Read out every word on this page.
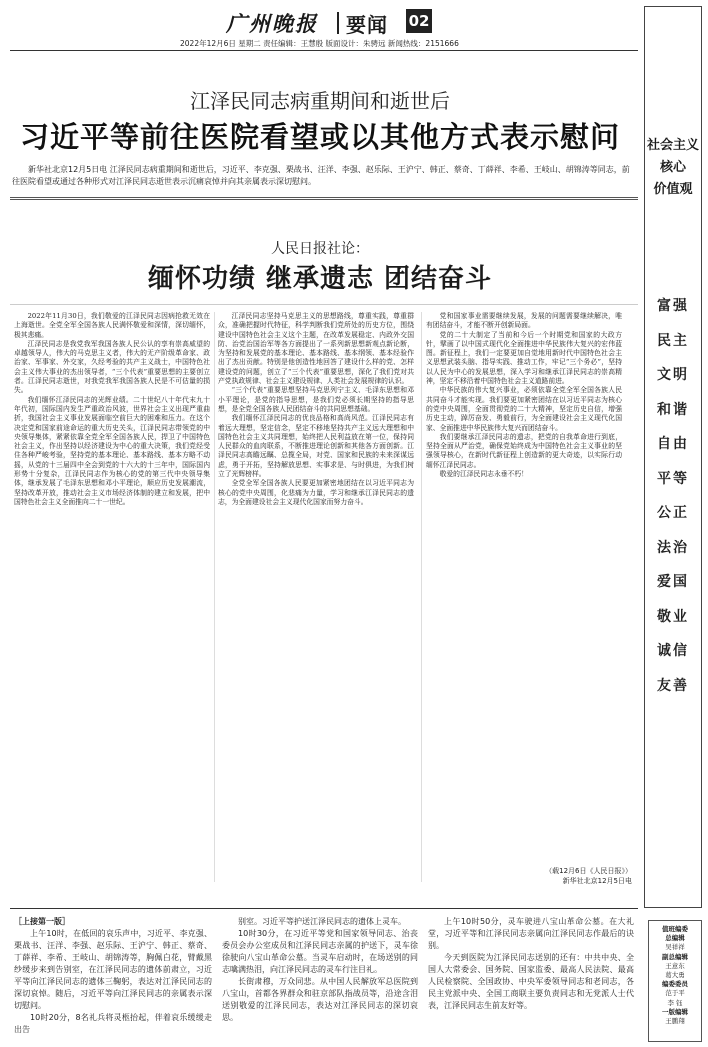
广州晚报 要闻 02
2022年12月6日 星期二 责任编辑：王慧殷 版面设计：朱骋远 新闻热线：2151666
社会主义
核心
价值观
富强
民主
文明
和谐
自由
平等
公正
法治
爱国
敬业
诚信
友善
江泽民同志病重期间和逝世后
习近平等前往医院看望或以其他方式表示慰问
新华社北京12月5日电 江泽民同志病重期间和逝世后，习近平、李克强、栗战书、汪洋、李强、赵乐际、王沪宁、韩正、蔡奇、丁薛祥、李希、王岐山、胡锦涛等同志，前往医院看望或通过各种形式对江泽民同志逝世表示沉痛哀悼并向其亲属表示深切慰问。
人民日报社论：
缅怀功绩 继承遗志 团结奋斗

2022年11月30日，我们敬爱的江泽民同志因病抢救无效在上海逝世。全党全军全国各族人民满怀敬爱和深情，深切缅怀，极其悲痛。

江泽民同志是我党我军我国各族人民公认的享有崇高威望的卓越领导人，伟大的马克思主义者，伟大的无产阶级革命家、政治家、军事家、外交家，久经考验的共产主义战士，中国特色社会主义伟大事业的杰出领导者，“三个代表”重要思想的主要创立者。江泽民同志逝世，对我党我军我国各族人民是不可估量的损失。

我们缅怀江泽民同志的光辉业绩。二十世纪八十年代末九十年代初，国际国内发生严重政治风波，世界社会主义出现严重曲折，我国社会主义事业发展面临空前巨大的困难和压力。在这个决定党和国家前途命运的重大历史关头，江泽民同志带领党的中央领导集体，紧紧依靠全党全军全国各族人民，捍卫了中国特色社会主义，作出坚持以经济建设为中心的重大决策，我们党经受住各种严峻考验，坚持党的基本理论、基本路线、基本方略不动摇，从党的十三届四中全会到党的十六大的十三年中，国际国内形势十分复杂，江泽民同志作为核心的党的第三代中央领导集体，继承发展了毛泽东思想和邓小平理论，顺应历史发展潮流，坚持改革开放，推动社会主义市场经济体制的建立和发展，把中国特色社会主义全面推向二十一世纪。

江泽民同志坚持马克思主义的思想路线，尊重实践，尊重群众，准确把握时代特征，科学判断我们党所处的历史方位，围绕建设中国特色社会主义这个主题，在改革发展稳定、内政外交国防、治党治国治军等各方面提出了一系列新思想新观点新论断，为坚持和发展党的基本理论、基本路线、基本纲领、基本经验作出了杰出贡献。特别是他创造性地回答了建设什么样的党、怎样建设党的问题，创立了“三个代表”重要思想，深化了我们党对共产党执政规律、社会主义建设规律、人类社会发展规律的认识。

“三个代表”重要思想坚持马克思列宁主义、毛泽东思想和邓小平理论，是党的指导思想，是我们党必须长期坚持的指导思想，是全党全国各族人民团结奋斗的共同思想基础。

我们缅怀江泽民同志的优良品格和高尚风范。江泽民同志有着远大理想，坚定信念，坚定不移地坚持共产主义远大理想和中国特色社会主义共同理想，始终把人民利益放在第一位，保持同人民群众的血肉联系，不断推进理论创新和其他各方面创新。江泽民同志高瞻远瞩、总揽全局，对党、国家和民族的未来深谋远虑，勇于开拓，坚持解放思想、实事求是、与时俱进，为我们树立了光辉榜样。

全党全军全国各族人民要更加紧密地团结在以习近平同志为核心的党中央周围，化悲痛为力量，学习和继承江泽民同志的遗志，为全面建设社会主义现代化国家而努力奋斗。

党和国家事业需要继续发展，发展的问题需要继续解决，唯有团结奋斗，才能不断开创新局面。

党的二十大制定了当前和今后一个时期党和国家的大政方针，擘画了以中国式现代化全面推进中华民族伟大复兴的宏伟蓝图。新征程上，我们一定要更加自觉地用新时代中国特色社会主义思想武装头脑、指导实践、推动工作，牢记“三个务必”，坚持以人民为中心的发展思想，深入学习和继承江泽民同志的崇高精神，坚定不移沿着中国特色社会主义道路前进。

中华民族的伟大复兴事业，必须依靠全党全军全国各族人民共同奋斗才能实现。我们要更加紧密团结在以习近平同志为核心的党中央周围，全面贯彻党的二十大精神，坚定历史自信，增强历史主动，踔厉奋发、勇毅前行，为全面建设社会主义现代化国家、全面推进中华民族伟大复兴而团结奋斗。

我们要继承江泽民同志的遗志，把党的自我革命进行到底，坚持全面从严治党，确保党始终成为中国特色社会主义事业的坚强领导核心，在新时代新征程上创造新的更大奇迹，以实际行动缅怀江泽民同志。

敬爱的江泽民同志永垂不朽！

（载12月6日《人民日报》）
新华社北京12月5日电

［上接第一版］

上午10时，在低回的哀乐声中，习近平、李克强、栗战书、汪洋、李强、赵乐际、王沪宁、韩正、蔡奇、丁薛祥、李希、王岐山、胡锦涛等，胸佩白花，臂戴黑纱缓步来到告别室，在江泽民同志的遗体前肃立，习近平等向江泽民同志的遗体三鞠躬，表达对江泽民同志的深切哀悼。随后，习近平等向江泽民同志的亲属表示深切慰问。

10时20分，8名礼兵将灵柩抬起，伴着哀乐缓缓走出告

别室。习近平等护送江泽民同志的遗体上灵车。

10时30分，在习近平等党和国家领导同志、治丧委员会办公室成员和江泽民同志亲属的护送下，灵车徐徐驶向八宝山革命公墓。当灵车启动时，在场送别的同志噙满热泪，向江泽民同志的灵车行注目礼。

长街肃穆，万众同悲。从中国人民解放军总医院到八宝山，首都各界群众和驻京部队指战员等，沿途含泪送别敬爱的江泽民同志，表达对江泽民同志的深切哀思。

上午10时50分，灵车驶进八宝山革命公墓。在大礼堂，习近平等和江泽民同志亲属向江泽民同志作最后的诀别。

今天到医院为江泽民同志送别的还有：中共中央、全国人大常委会、国务院、国家监委、最高人民法院、最高人民检察院、全国政协、中央军委领导同志和老同志，各民主党派中央、全国工商联主要负责同志和无党派人士代表，江泽民同志生前友好等。

值班编委
总编辑
吴祥祥
副总编辑
王意东
葛大勇
编委委员
范于平
李 钰
一版编辑
王鹏翔
